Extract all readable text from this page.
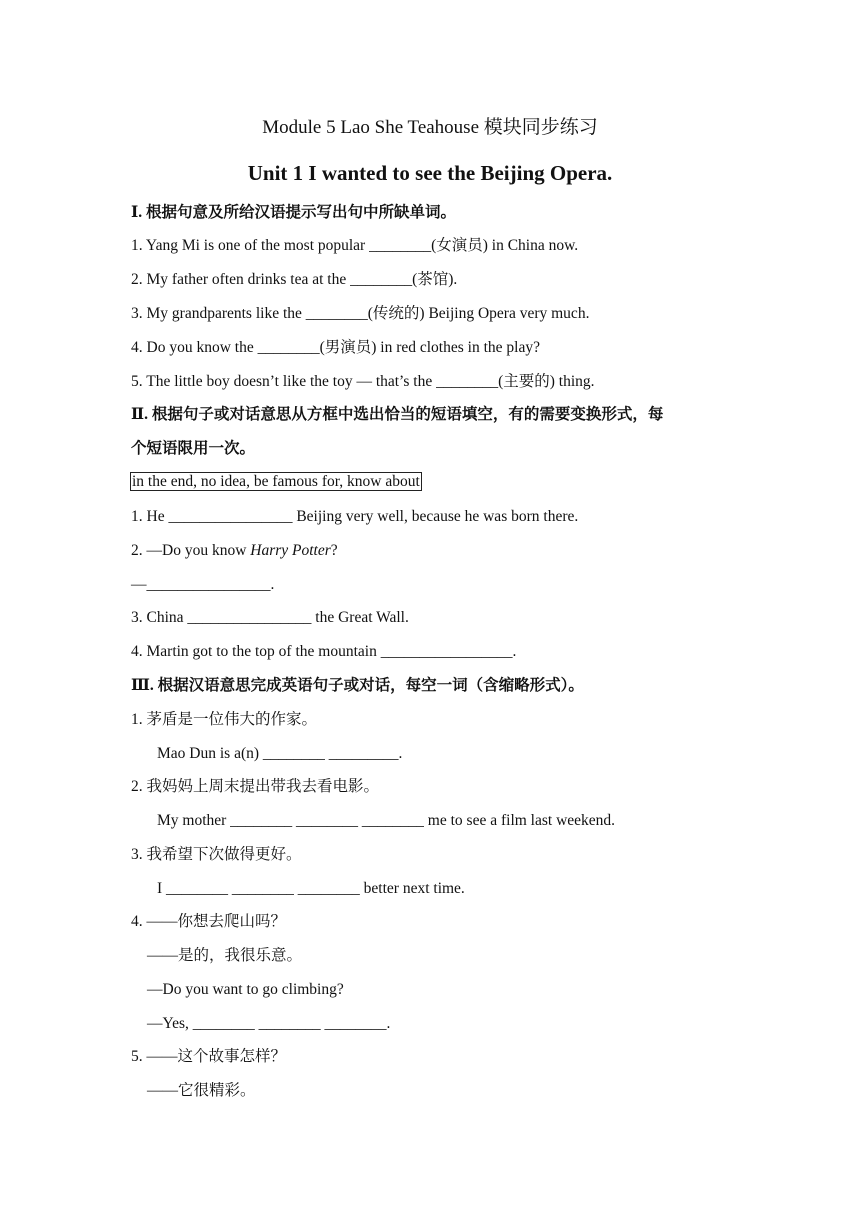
Module 5 Lao She Teahouse 模块同步练习
Unit 1 I wanted to see the Beijing Opera.
Ⅰ. 根据句意及所给汉语提示写出句中所缺单词。
1. Yang Mi is one of the most popular ________(女演员) in China now.
2. My father often drinks tea at the ________(茶馆).
3. My grandparents like the ________(传统的) Beijing Opera very much.
4. Do you know the ________(男演员) in red clothes in the play?
5. The little boy doesn’t like the toy — that’s the ________(主要的) thing.
Ⅱ. 根据句子或对话意思从方框中选出恰当的短语填空，有的需要变换形式，每
个短语限用一次。
in the end, no idea, be famous for, know about
1. He ________________ Beijing very well, because he was born there.
2. —Do you know Harry Potter?
—________________.
3. China ________________ the Great Wall.
4. Martin got to the top of the mountain _________________.
Ⅲ. 根据汉语意思完成英语句子或对话，每空一词（含缩略形式）。
1. 茅盾是一位伟大的作家。
Mao Dun is a(n) ________ _________.
2. 我妈妈上周末提出带我去看电影。
My mother ________ ________ ________ me to see a film last weekend.
3. 我希望下次做得更好。
I ________ ________ ________ better next time.
4. ——你想去爬山吗？
——是的，我很乐意。
—Do you want to go climbing?
—Yes, ________ ________ ________.
5. ——这个故事怎样？
——它很精彩。
